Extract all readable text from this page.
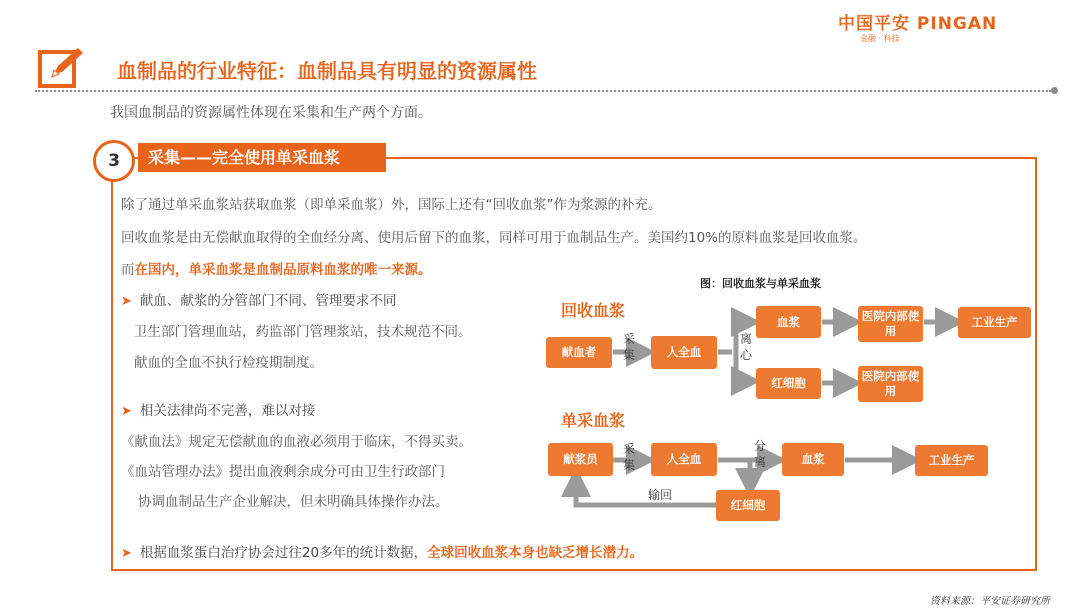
中国平安 PINGAN
金融 · 科技
血制品的行业特征：血制品具有明显的资源属性
我国血制品的资源属性体现在采集和生产两个方面。
采集——完全使用单采血浆
3
除了通过单采血浆站获取血浆（即单采血浆）外，国际上还有“回收血浆”作为浆源的补充。
回收血浆是由无偿献血取得的全血经分离、使用后留下的血浆，同样可用于血制品生产。美国约10%的原料血浆是回收血浆。
而在国内，单采血浆是血制品原料血浆的唯一来源。
➤ 献血、献浆的分管部门不同、管理要求不同
卫生部门管理血站，药监部门管理浆站，技术规范不同。
献血的全血不执行检疫期制度。
➤ 相关法律尚不完善，难以对接
《献血法》规定无偿献血的血液必须用于临床，不得买卖。
《血站管理办法》提出血液剩余成分可由卫生行政部门
协调血制品生产企业解决，但未明确具体操作办法。
➤ 根据血浆蛋白治疗协会过往20多年的统计数据，全球回收血浆本身也缺乏增长潜力。
图：回收血浆与单采血浆
回收血浆
献血者
采集	人全血
离心
血浆	医院内部使用
工业生产
红细胞	医院内部使用
单采血浆
献浆员
采集	人全血
分离	血浆	工业生产
红细胞
输回
资料来源：平安证券研究所
